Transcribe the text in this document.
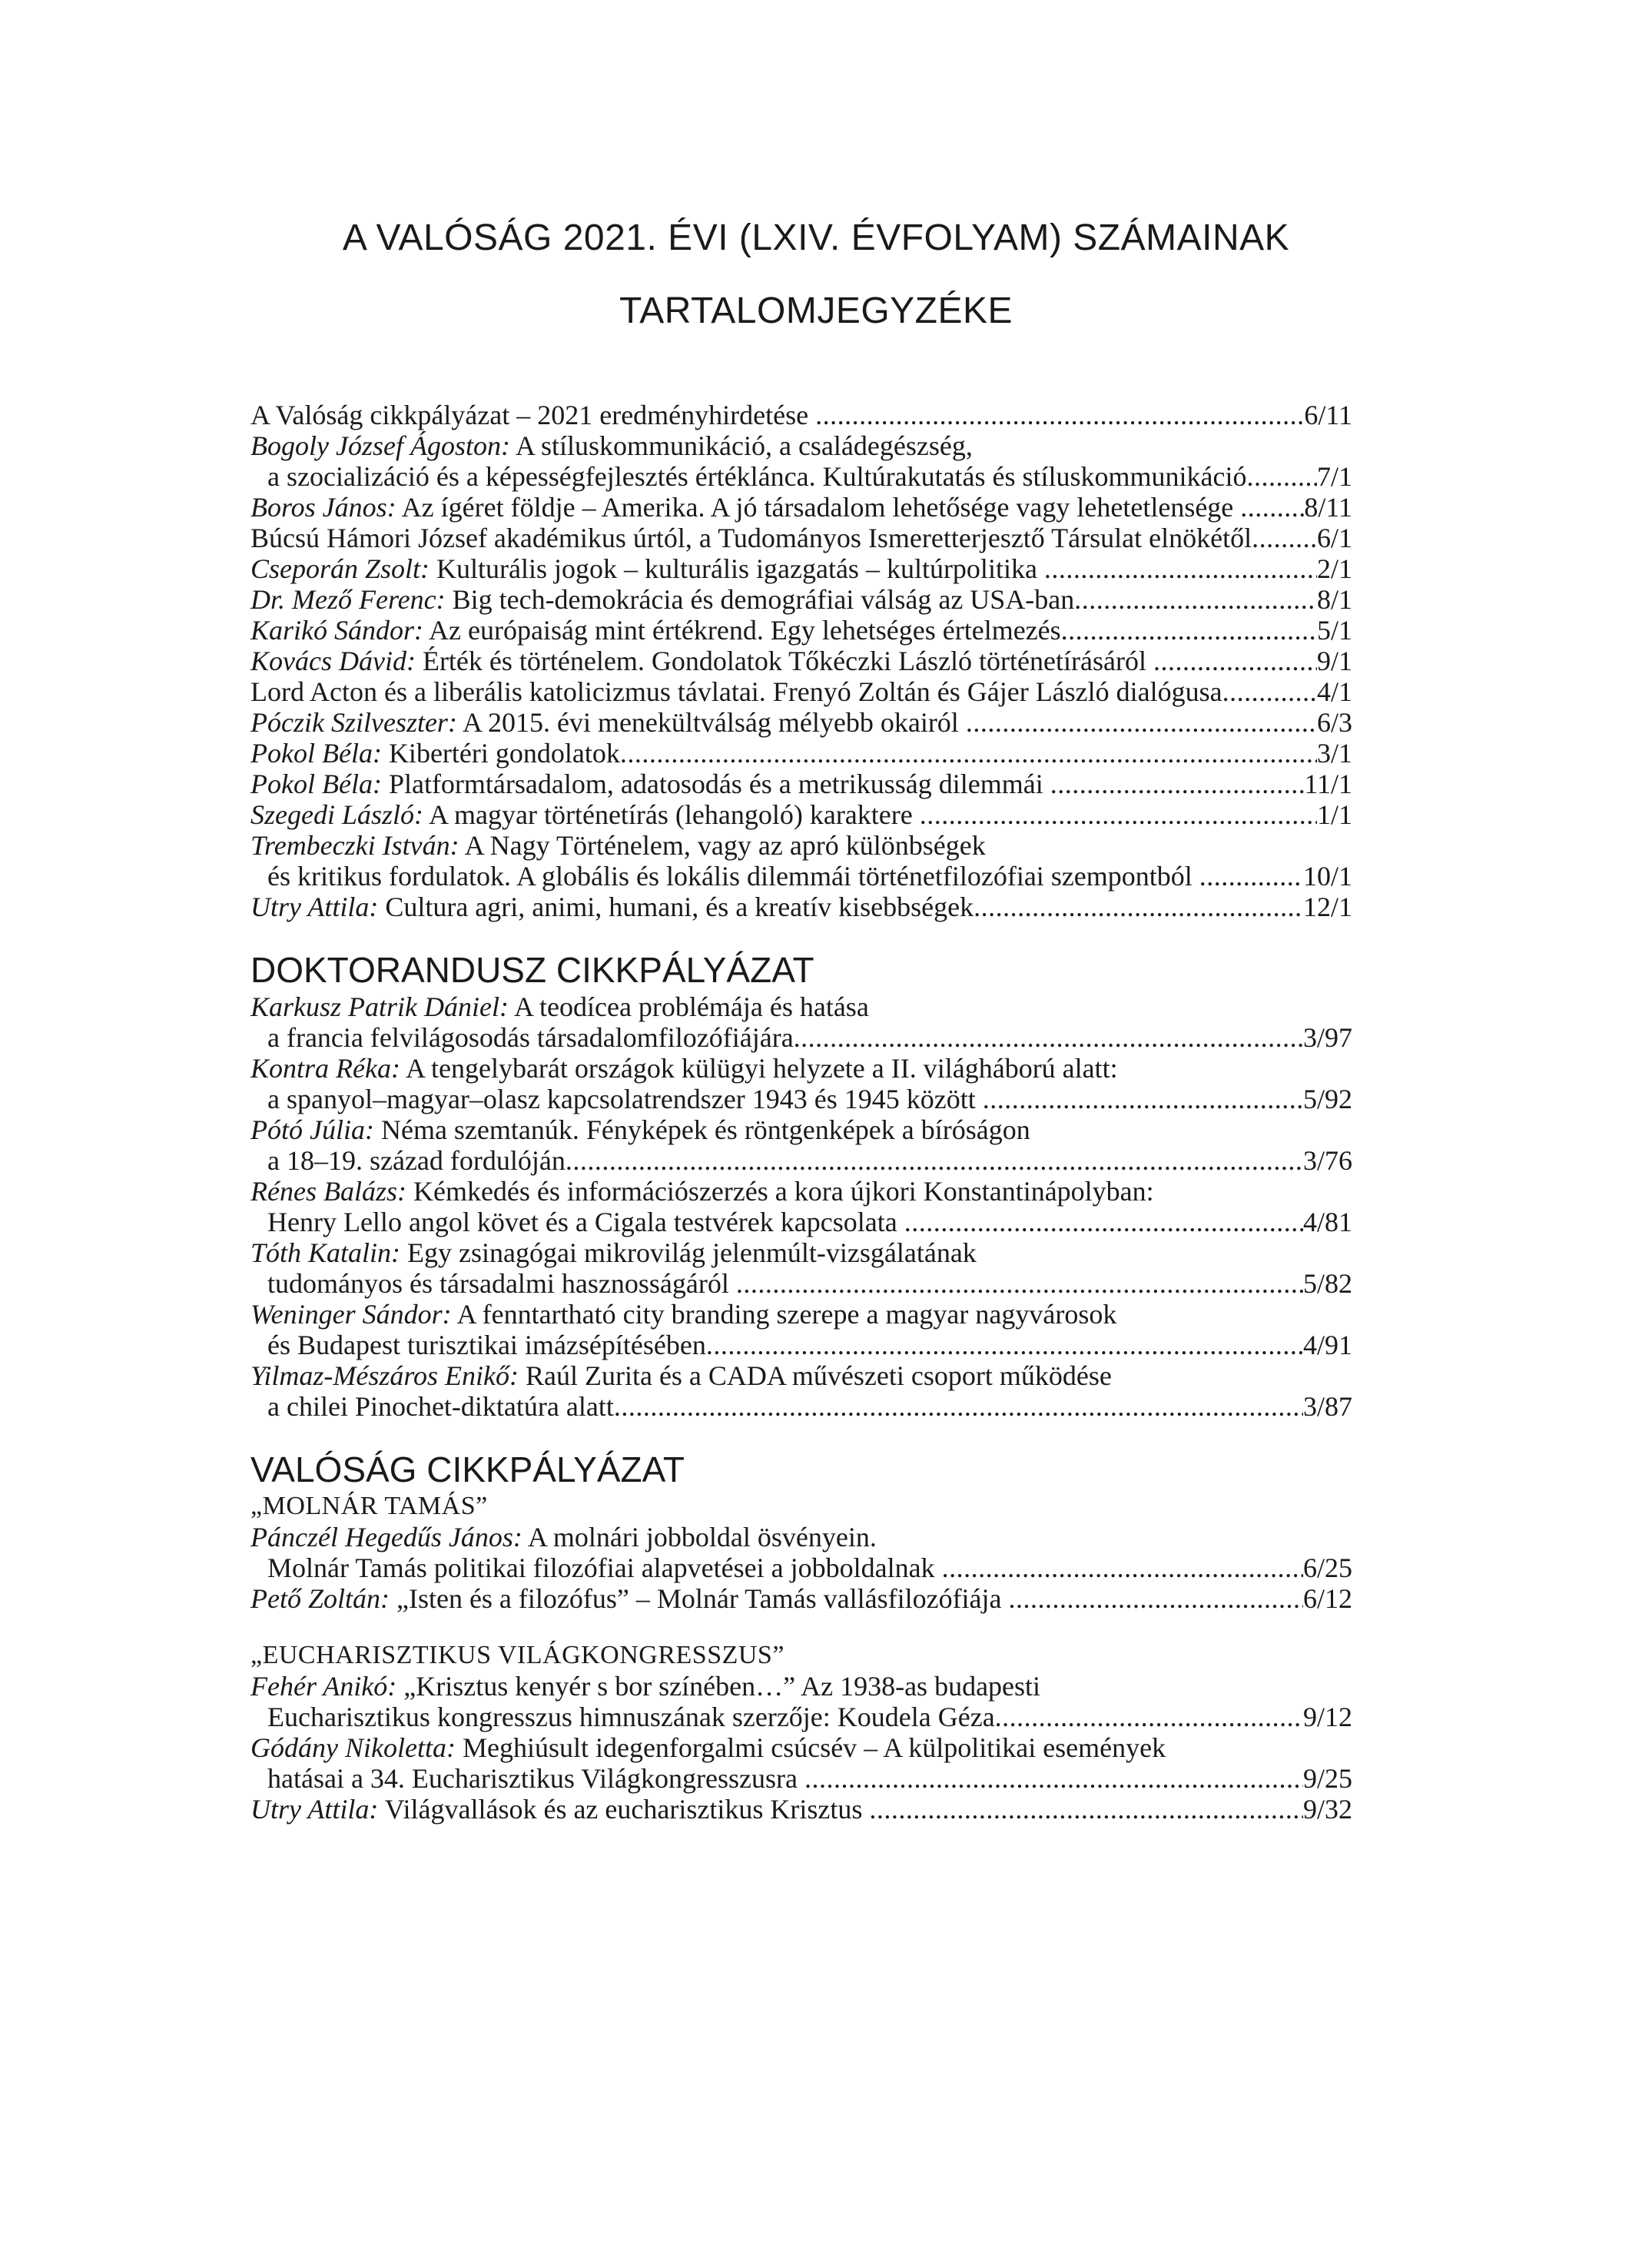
A VALÓSÁG 2021. ÉVI (LXIV. ÉVFOLYAM) SZÁMAINAK
TARTALOMJEGYZÉKE
A Valóság cikkpályázat – 2021 eredményhirdetése .....	6/11
Bogoly József Ágoston: A stíluskommunikáció, a családegészség,
a szocializáció és a képességfejlesztés értéklánca. Kultúrakutatás és stíluskommunikáció .....	7/1
Boros János: Az ígéret földje – Amerika. A jó társadalom lehetősége vagy lehetetlensége ..... 8/11
Búcsú Hámori József akadémikus úrtól, a Tudományos Ismeretterjesztő Társulat elnökétől ..... 6/1
Cseporán Zsolt: Kulturális jogok – kulturális igazgatás – kultúrpolitika .....	2/1
Dr. Mező Ferenc: Big tech-demokrácia és demográfiai válság az USA-ban .....	8/1
Karikó Sándor: Az európaiság mint értékrend. Egy lehetséges értelmezés .....	5/1
Kovács Dávid: Érték és történelem. Gondolatok Tőkéczki László történetírásáról .....	9/1
Lord Acton és a liberális katolicizmus távlatai. Frenyó Zoltán és Gájer László dialógusa .....	4/1
Póczik Szilveszter: A 2015. évi menekültválság mélyebb okairól .....	6/3
Pokol Béla: Kibertéri gondolatok .....	3/1
Pokol Béla: Platformtársadalom, adatosodás és a metrikusság dilemmái .....	11/1
Szegedi László: A magyar történetírás (lehangoló) karaktere .....	1/1
Trembeczki István: A Nagy Történelem, vagy az apró különbségek
és kritikus fordulatok. A globális és lokális dilemmái történetfilozófiai szempontból .....	10/1
Utry Attila: Cultura agri, animi, humani, és a kreatív kisebbségek .....	12/1
DOKTORANDUSZ CIKKPÁLYÁZAT
Karkusz Patrik Dániel: A teodícea problémája és hatása
a francia felvilágosodás társadalomfilozófiájára .....	3/97
Kontra Réka: A tengelybarát országok külügyi helyzete a II. világháború alatt:
a spanyol–magyar–olasz kapcsolatrendszer 1943 és 1945 között .....	5/92
Pótó Júlia: Néma szemtanúk. Fényképek és röntgenképek a bíróságon
a 18–19. század fordulóján .....	3/76
Rénes Balázs: Kémkedés és információszerzés a kora újkori Konstantinápolyban:
Henry Lello angol követ és a Cigala testvérek kapcsolata .....	4/81
Tóth Katalin: Egy zsinagógai mikrovilág jelenmúlt-vizsgálatának
tudományos és társadalmi hasznosságáról .....	5/82
Weninger Sándor: A fenntartható city branding szerepe a magyar nagyvárosok
és Budapest turisztikai imázsépítésében .....	4/91
Yilmaz-Mészáros Enikő: Raúl Zurita és a CADA művészeti csoport működése
a chilei Pinochet-diktatúra alatt .....	3/87
VALÓSÁG CIKKPÁLYÁZAT
„MOLNÁR TAMÁS”
Pánczél Hegedűs János: A molnári jobboldal ösvényein.
Molnár Tamás politikai filozófiai alapvetései a jobboldalnak .....	6/25
Pető Zoltán: „Isten és a filozófus” – Molnár Tamás vallásfilozófiája .....	6/12
„EUCHARISZTIKUS VILÁGKONGRESSZUS”
Fehér Anikó: „Krisztus kenyér s bor színében…” Az 1938-as budapesti
Eucharisztikus kongresszus himnuszának szerzője: Koudela Géza .....	9/12
Gódány Nikoletta: Meghiúsult idegenforgalmi csúcsév – A külpolitikai események
hatásai a 34. Eucharisztikus Világkongresszusra .....	9/25
Utry Attila: Világvallások és az eucharisztikus Krisztus .....	9/32
